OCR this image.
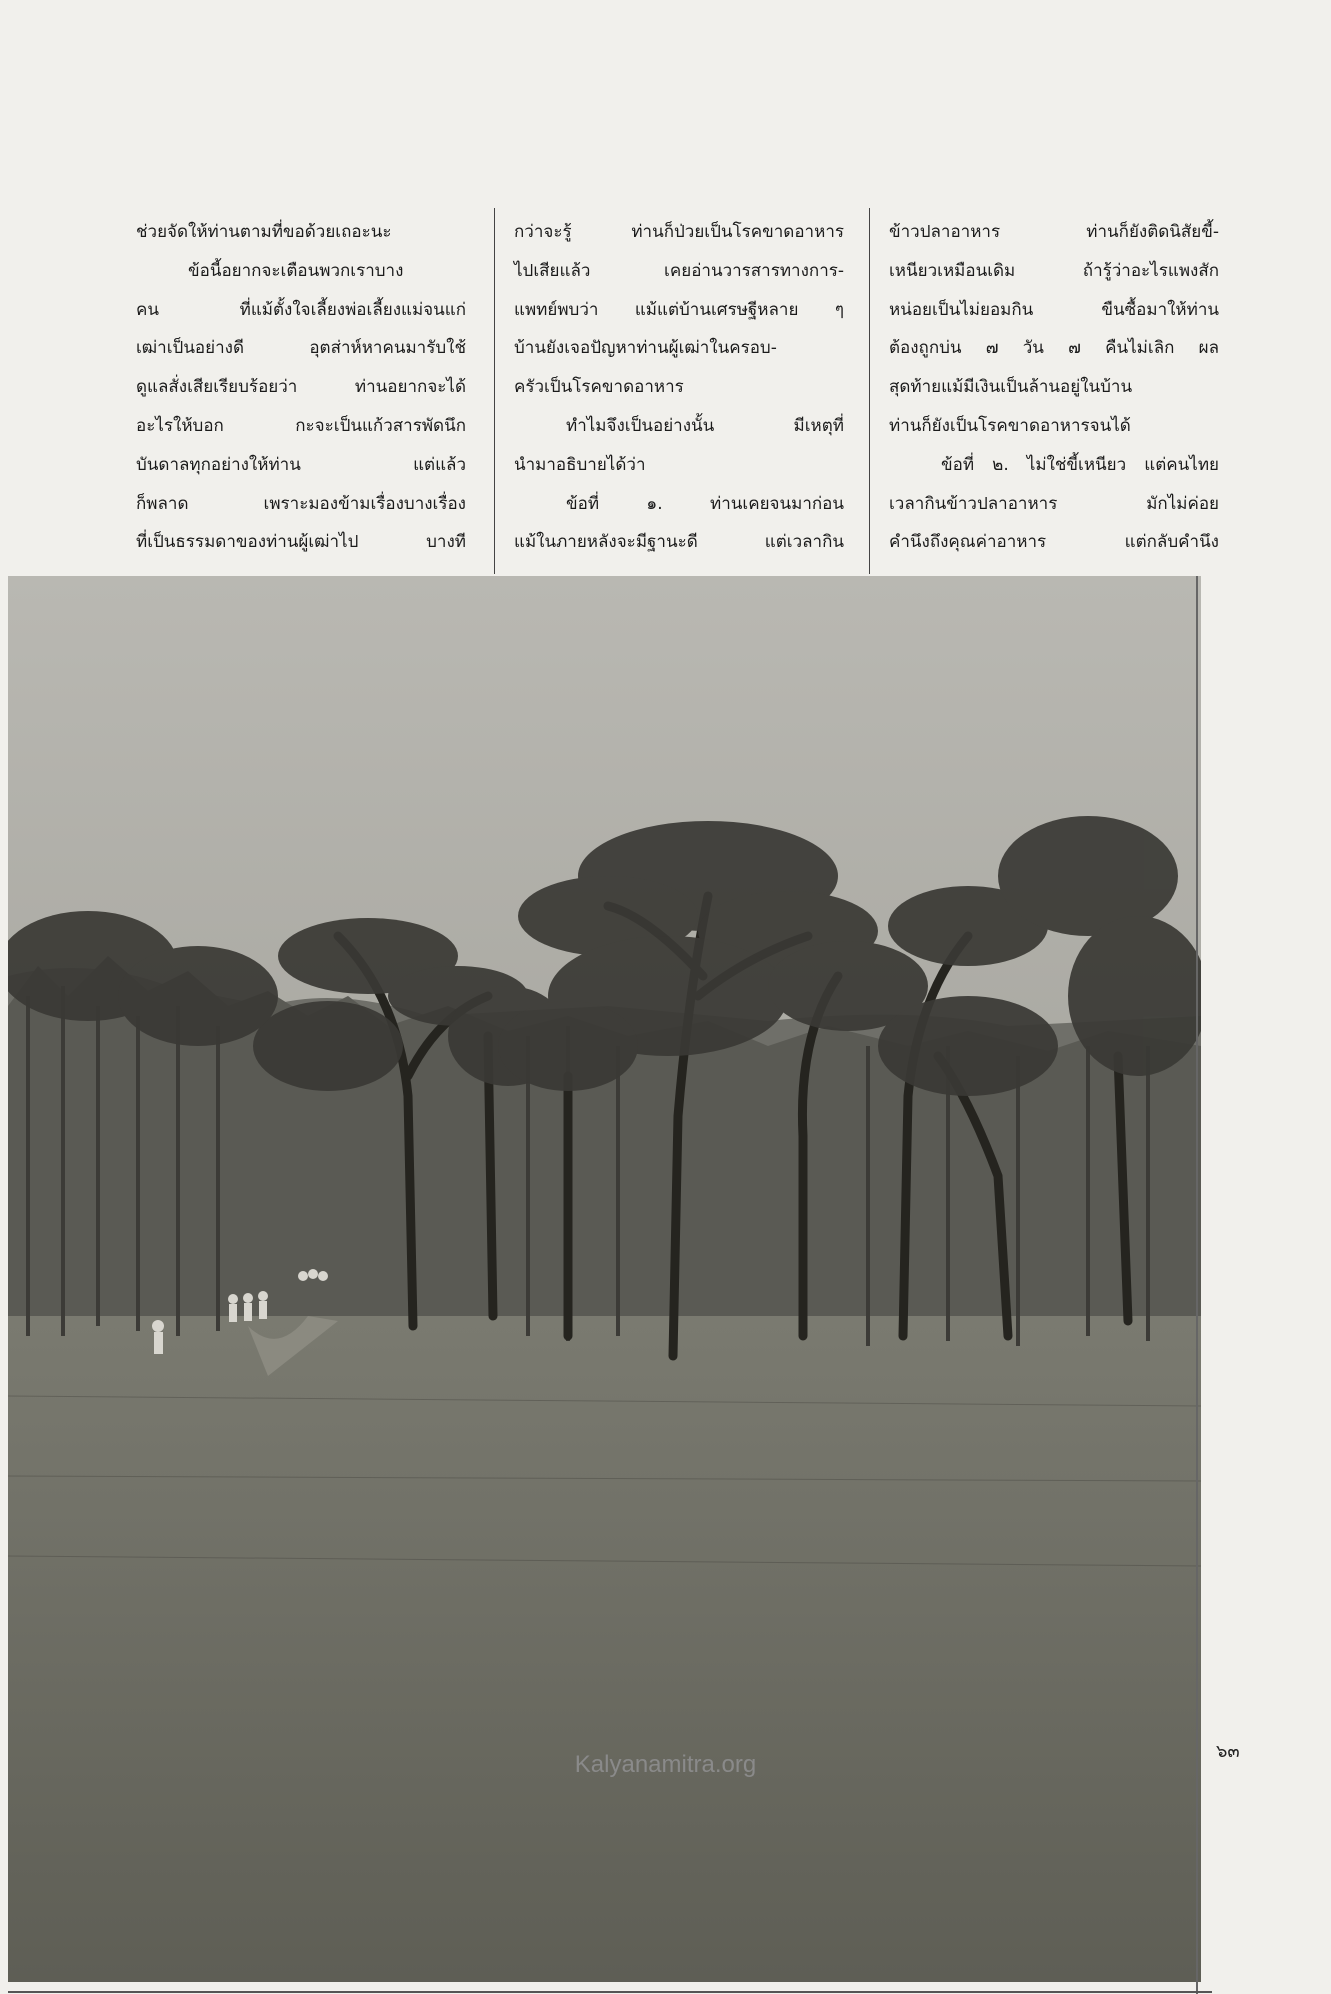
ช่วยจัดให้ท่านตามที่ขอด้วยเถอะนะ

ข้อนี้อยากจะเตือนพวกเราบาง

คน ที่แม้ตั้งใจเลี้ยงพ่อเลี้ยงแม่จนแก่

เฒ่าเป็นอย่างดี อุตส่าห์หาคนมารับใช้

ดูแลสั่งเสียเรียบร้อยว่า ท่านอยากจะได้

อะไรให้บอก กะจะเป็นแก้วสารพัดนึก

บันดาลทุกอย่างให้ท่าน แต่แล้ว

ก็พลาด เพราะมองข้ามเรื่องบางเรื่อง

ที่เป็นธรรมดาของท่านผู้เฒ่าไป บางที

กว่าจะรู้ ท่านก็ป่วยเป็นโรคขาดอาหาร

ไปเสียแล้ว เคยอ่านวารสารทางการ-

แพทย์พบว่า แม้แต่บ้านเศรษฐีหลาย ๆ

บ้านยังเจอปัญหาท่านผู้เฒ่าในครอบ-

ครัวเป็นโรคขาดอาหาร

ทำไมจึงเป็นอย่างนั้น มีเหตุที่

นำมาอธิบายได้ว่า

ข้อที่ ๑. ท่านเคยจนมาก่อน

แม้ในภายหลังจะมีฐานะดี แต่เวลากิน

ข้าวปลาอาหาร ท่านก็ยังติดนิสัยขี้-

เหนียวเหมือนเดิม ถ้ารู้ว่าอะไรแพงสัก

หน่อยเป็นไม่ยอมกิน ขืนซื้อมาให้ท่าน

ต้องถูกบ่น ๗ วัน ๗ คืนไม่เลิก ผล

สุดท้ายแม้มีเงินเป็นล้านอยู่ในบ้าน

ท่านก็ยังเป็นโรคขาดอาหารจนได้

ข้อที่ ๒. ไม่ใช่ขี้เหนียว แต่คนไทย

เวลากินข้าวปลาอาหาร มักไม่ค่อย

คำนึงถึงคุณค่าอาหาร แต่กลับคำนึง

๖๓
Kalyanamitra.org
